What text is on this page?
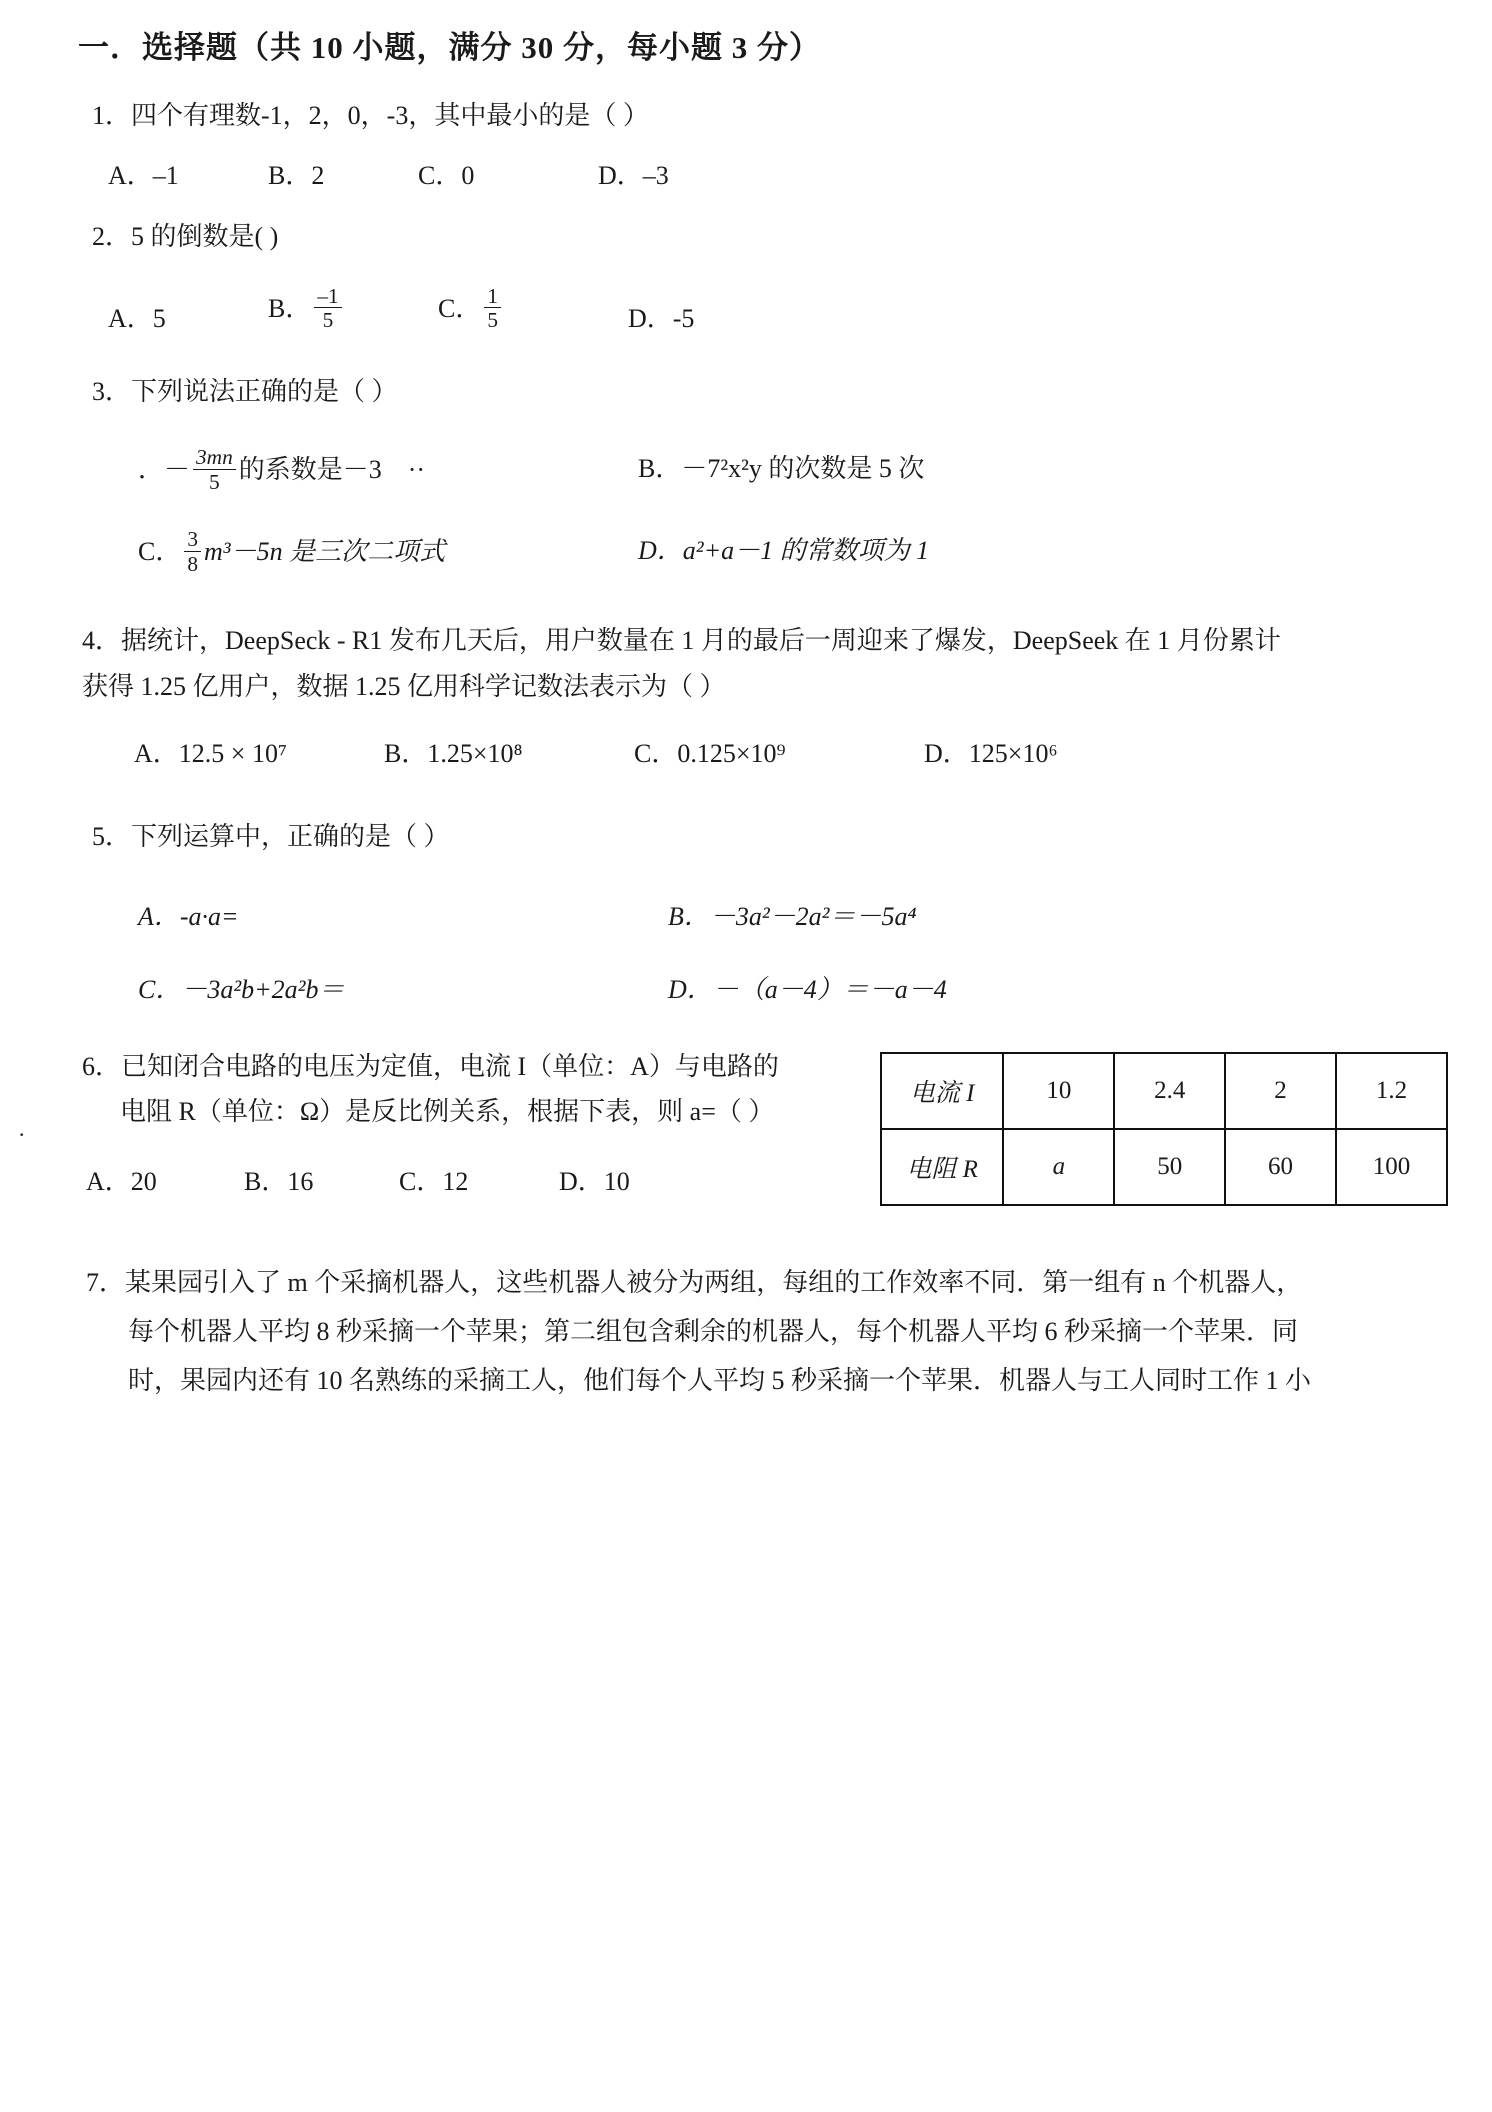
·
一．选择题（共 10 小题，满分 30 分，每小题 3 分）
1．四个有理数-1，2，0，-3，其中最小的是（ ）
A．–1	B．2	C．0	D．–3
2．5 的倒数是( )
A．5	B． $\frac{-1}{5}$	C． $\frac{1}{5}$	D．-5
3．下列说法正确的是（ ）
．－ $\frac{3mn}{5}$ 的系数是－3 ··	B．－7²x²y 的次数是 5 次
C． $\frac{3}{8} m^3-5n$ 是三次二项式	D．a²+a－1 的常数项为 1
4．据统计，DeepSeck - R1 发布几天后，用户数量在 1 月的最后一周迎来了爆发，DeepSeek 在 1 月份累计
获得 1.25 亿用户，数据 1.25 亿用科学记数法表示为（ ）
A．12.5 × 10⁷	B．1.25×10⁸	C．0.125×10⁹	D．125×10⁶
5．下列运算中，正确的是（ ）
A．-a·a=	B．－3a²－2a²＝－5a⁴
C．－3a²b+2a²b＝	D．－（a－4）＝－a－4
6．已知闭合电路的电压为定值，电流 I（单位：A）与电路的
电阻 R（单位：Ω）是反比例关系，根据下表，则 a=（ ）
A．20	B．16	C．12	D．10
电流 I	10	2.4	2	1.2
电阻 R	a	50	60	100
7．某果园引入了 m 个采摘机器人，这些机器人被分为两组，每组的工作效率不同．第一组有 n 个机器人，
每个机器人平均 8 秒采摘一个苹果；第二组包含剩余的机器人，每个机器人平均 6 秒采摘一个苹果．同
时，果园内还有 10 名熟练的采摘工人，他们每个人平均 5 秒采摘一个苹果．机器人与工人同时工作 1 小
